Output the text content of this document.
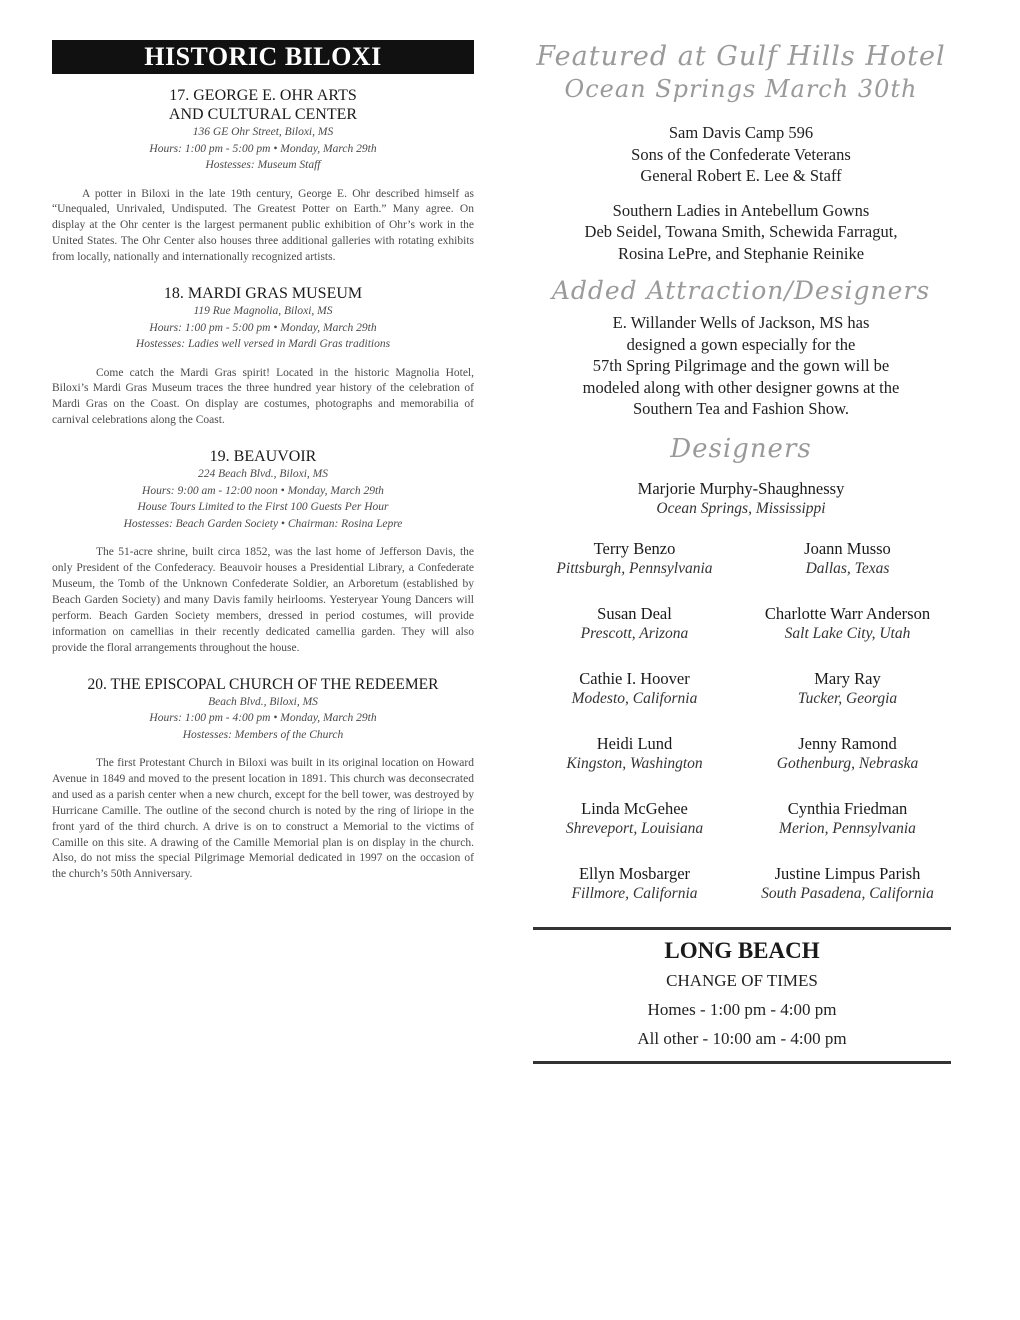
HISTORIC BILOXI
17. GEORGE E. OHR ARTS
AND CULTURAL CENTER
136 GE Ohr Street, Biloxi, MS
Hours: 1:00 pm - 5:00 pm • Monday, March 29th
Hostesses: Museum Staff
A potter in Biloxi in the late 19th century, George E. Ohr described himself as “Unequaled, Unrivaled, Undisputed. The Greatest Potter on Earth.” Many agree. On display at the Ohr center is the largest permanent public exhibition of Ohr’s work in the United States. The Ohr Center also houses three additional galleries with rotating exhibits from locally, nationally and internationally recognized artists.
18. MARDI GRAS MUSEUM
119 Rue Magnolia, Biloxi, MS
Hours: 1:00 pm - 5:00 pm • Monday, March 29th
Hostesses: Ladies well versed in Mardi Gras traditions
Come catch the Mardi Gras spirit! Located in the historic Magnolia Hotel, Biloxi’s Mardi Gras Museum traces the three hundred year history of the celebration of Mardi Gras on the Coast. On display are costumes, photographs and memorabilia of carnival celebrations along the Coast.
19. BEAUVOIR
224 Beach Blvd., Biloxi, MS
Hours: 9:00 am - 12:00 noon • Monday, March 29th
House Tours Limited to the First 100 Guests Per Hour
Hostesses: Beach Garden Society • Chairman: Rosina Lepre
The 51-acre shrine, built circa 1852, was the last home of Jefferson Davis, the only President of the Confederacy. Beauvoir houses a Presidential Library, a Confederate Museum, the Tomb of the Unknown Confederate Soldier, an Arboretum (established by Beach Garden Society) and many Davis family heirlooms. Yesteryear Young Dancers will perform. Beach Garden Society members, dressed in period costumes, will provide information on camellias in their recently dedicated camellia garden. They will also provide the floral arrangements throughout the house.
20. THE EPISCOPAL CHURCH OF THE REDEEMER
Beach Blvd., Biloxi, MS
Hours: 1:00 pm - 4:00 pm • Monday, March 29th
Hostesses: Members of the Church
The first Protestant Church in Biloxi was built in its original location on Howard Avenue in 1849 and moved to the present location in 1891. This church was deconsecrated and used as a parish center when a new church, except for the bell tower, was destroyed by Hurricane Camille. The outline of the second church is noted by the ring of liriope in the front yard of the third church. A drive is on to construct a Memorial to the victims of Camille on this site. A drawing of the Camille Memorial plan is on display in the church. Also, do not miss the special Pilgrimage Memorial dedicated in 1997 on the occasion of the church’s 50th Anniversary.
Featured at Gulf Hills Hotel
Ocean Springs March 30th
Sam Davis Camp 596
Sons of the Confederate Veterans
General Robert E. Lee & Staff
Southern Ladies in Antebellum Gowns
Deb Seidel, Towana Smith, Schewida Farragut,
Rosina LePre, and Stephanie Reinike
Added Attraction/Designers
E. Willander Wells of Jackson, MS has
designed a gown especially for the
57th Spring Pilgrimage and the gown will be
modeled along with other designer gowns at the
Southern Tea and Fashion Show.
Designers
Marjorie Murphy-Shaughnessy
Ocean Springs, Mississippi
Terry Benzo
Pittsburgh, Pennsylvania
Joann Musso
Dallas, Texas
Susan Deal
Prescott, Arizona
Charlotte Warr Anderson
Salt Lake City, Utah
Cathie I. Hoover
Modesto, California
Mary Ray
Tucker, Georgia
Heidi Lund
Kingston, Washington
Jenny Ramond
Gothenburg, Nebraska
Linda McGehee
Shreveport, Louisiana
Cynthia Friedman
Merion, Pennsylvania
Ellyn Mosbarger
Fillmore, California
Justine Limpus Parish
South Pasadena, California
LONG BEACH
CHANGE OF TIMES
Homes - 1:00 pm - 4:00 pm
All other - 10:00 am - 4:00 pm
